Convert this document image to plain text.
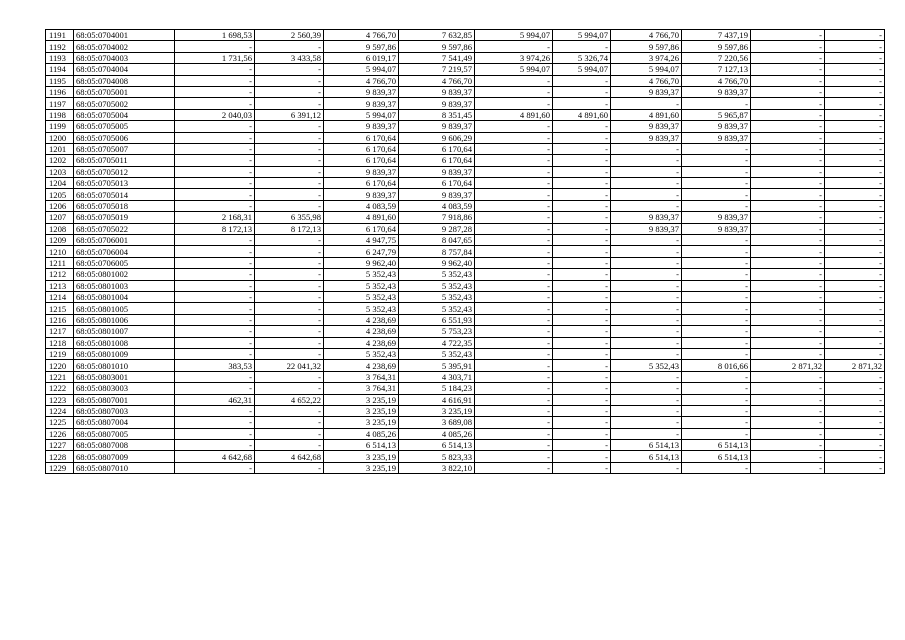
1191	68:05:0704001	1 698,53	2 560,39	4 766,70	7 632,85	5 994,07	5 994,07	4 766,70	7 437,19	-	-
1192	68:05:0704002	-	-	9 597,86	9 597,86	-	-	9 597,86	9 597,86	-	-
1193	68:05:0704003	1 731,56	3 433,58	6 019,17	7 541,49	3 974,26	5 326,74	3 974,26	7 220,56	-	-
1194	68:05:0704004	-	-	5 994,07	7 219,57	5 994,07	5 994,07	5 994,07	7 127,13	-	-
1195	68:05:0704008	-	-	4 766,70	4 766,70	-	-	4 766,70	4 766,70	-	-
1196	68:05:0705001	-	-	9 839,37	9 839,37	-	-	9 839,37	9 839,37	-	-
1197	68:05:0705002	-	-	9 839,37	9 839,37	-	-	-	-	-	-
1198	68:05:0705004	2 040,03	6 391,12	5 994,07	8 351,45	4 891,60	4 891,60	4 891,60	5 965,87	-	-
1199	68:05:0705005	-	-	9 839,37	9 839,37	-	-	9 839,37	9 839,37	-	-
1200	68:05:0705006	-	-	6 170,64	9 606,29	-	-	9 839,37	9 839,37	-	-
1201	68:05:0705007	-	-	6 170,64	6 170,64	-	-	-	-	-	-
1202	68:05:0705011	-	-	6 170,64	6 170,64	-	-	-	-	-	-
1203	68:05:0705012	-	-	9 839,37	9 839,37	-	-	-	-	-	-
1204	68:05:0705013	-	-	6 170,64	6 170,64	-	-	-	-	-	-
1205	68:05:0705014	-	-	9 839,37	9 839,37	-	-	-	-	-	-
1206	68:05:0705018	-	-	4 083,59	4 083,59	-	-	-	-	-	-
1207	68:05:0705019	2 168,31	6 355,98	4 891,60	7 918,86	-	-	9 839,37	9 839,37	-	-
1208	68:05:0705022	8 172,13	8 172,13	6 170,64	9 287,28	-	-	9 839,37	9 839,37	-	-
1209	68:05:0706001	-	-	4 947,75	8 047,65	-	-	-	-	-	-
1210	68:05:0706004	-	-	6 247,79	8 757,84	-	-	-	-	-	-
1211	68:05:0706005	-	-	9 962,40	9 962,40	-	-	-	-	-	-
1212	68:05:0801002	-	-	5 352,43	5 352,43	-	-	-	-	-	-
1213	68:05:0801003	-	-	5 352,43	5 352,43	-	-	-	-	-	-
1214	68:05:0801004	-	-	5 352,43	5 352,43	-	-	-	-	-	-
1215	68:05:0801005	-	-	5 352,43	5 352,43	-	-	-	-	-	-
1216	68:05:0801006	-	-	4 238,69	6 551,93	-	-	-	-	-	-
1217	68:05:0801007	-	-	4 238,69	5 753,23	-	-	-	-	-	-
1218	68:05:0801008	-	-	4 238,69	4 722,35	-	-	-	-	-	-
1219	68:05:0801009	-	-	5 352,43	5 352,43	-	-	-	-	-	-
1220	68:05:0801010	383,53	22 041,32	4 238,69	5 395,91	-	-	5 352,43	8 016,66	2 871,32	2 871,32
1221	68:05:0803001	-	-	3 764,31	4 303,71	-	-	-	-	-	-
1222	68:05:0803003	-	-	3 764,31	5 184,23	-	-	-	-	-	-
1223	68:05:0807001	462,31	4 652,22	3 235,19	4 616,91	-	-	-	-	-	-
1224	68:05:0807003	-	-	3 235,19	3 235,19	-	-	-	-	-	-
1225	68:05:0807004	-	-	3 235,19	3 689,08	-	-	-	-	-	-
1226	68:05:0807005	-	-	4 085,26	4 085,26	-	-	-	-	-	-
1227	68:05:0807008	-	-	6 514,13	6 514,13	-	-	6 514,13	6 514,13	-	-
1228	68:05:0807009	4 642,68	4 642,68	3 235,19	5 823,33	-	-	6 514,13	6 514,13	-	-
1229	68:05:0807010	-	-	3 235,19	3 822,10	-	-	-	-	-	-
